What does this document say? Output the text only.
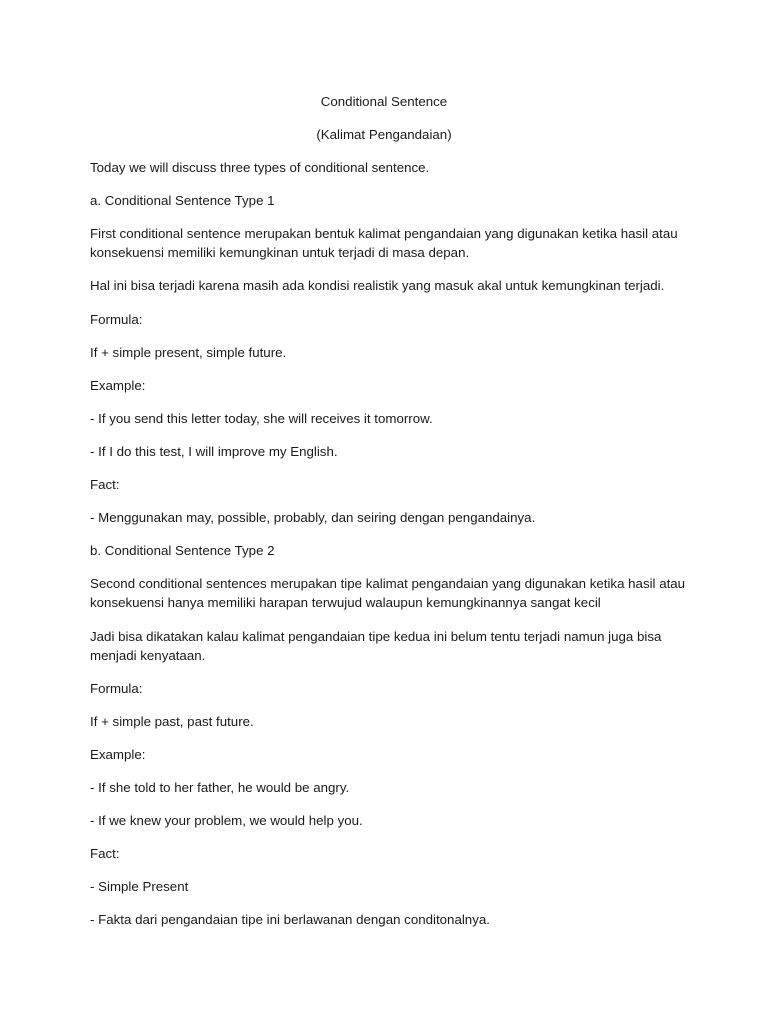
Conditional Sentence

(Kalimat Pengandaian)

Today we will discuss three types of conditional sentence.

a. Conditional Sentence Type 1

First conditional sentence merupakan bentuk kalimat pengandaian yang digunakan ketika hasil atau

konsekuensi memiliki kemungkinan untuk terjadi di masa depan.

Hal ini bisa terjadi karena masih ada kondisi realistik yang masuk akal untuk kemungkinan terjadi.

Formula:

If + simple present, simple future.

Example:

- If you send this letter today, she will receives it tomorrow.

- If I do this test, I will improve my English.

Fact:

- Menggunakan may, possible, probably, dan seiring dengan pengandainya.

b. Conditional Sentence Type 2

Second conditional sentences merupakan tipe kalimat pengandaian yang digunakan ketika hasil atau

konsekuensi hanya memiliki harapan terwujud walaupun kemungkinannya sangat kecil

Jadi bisa dikatakan kalau kalimat pengandaian tipe kedua ini belum tentu terjadi namun juga bisa

menjadi kenyataan.

Formula:

If + simple past, past future.

Example:

- If she told to her father, he would be angry.

- If we knew your problem, we would help you.

Fact:

- Simple Present

- Fakta dari pengandaian tipe ini berlawanan dengan conditonalnya.
